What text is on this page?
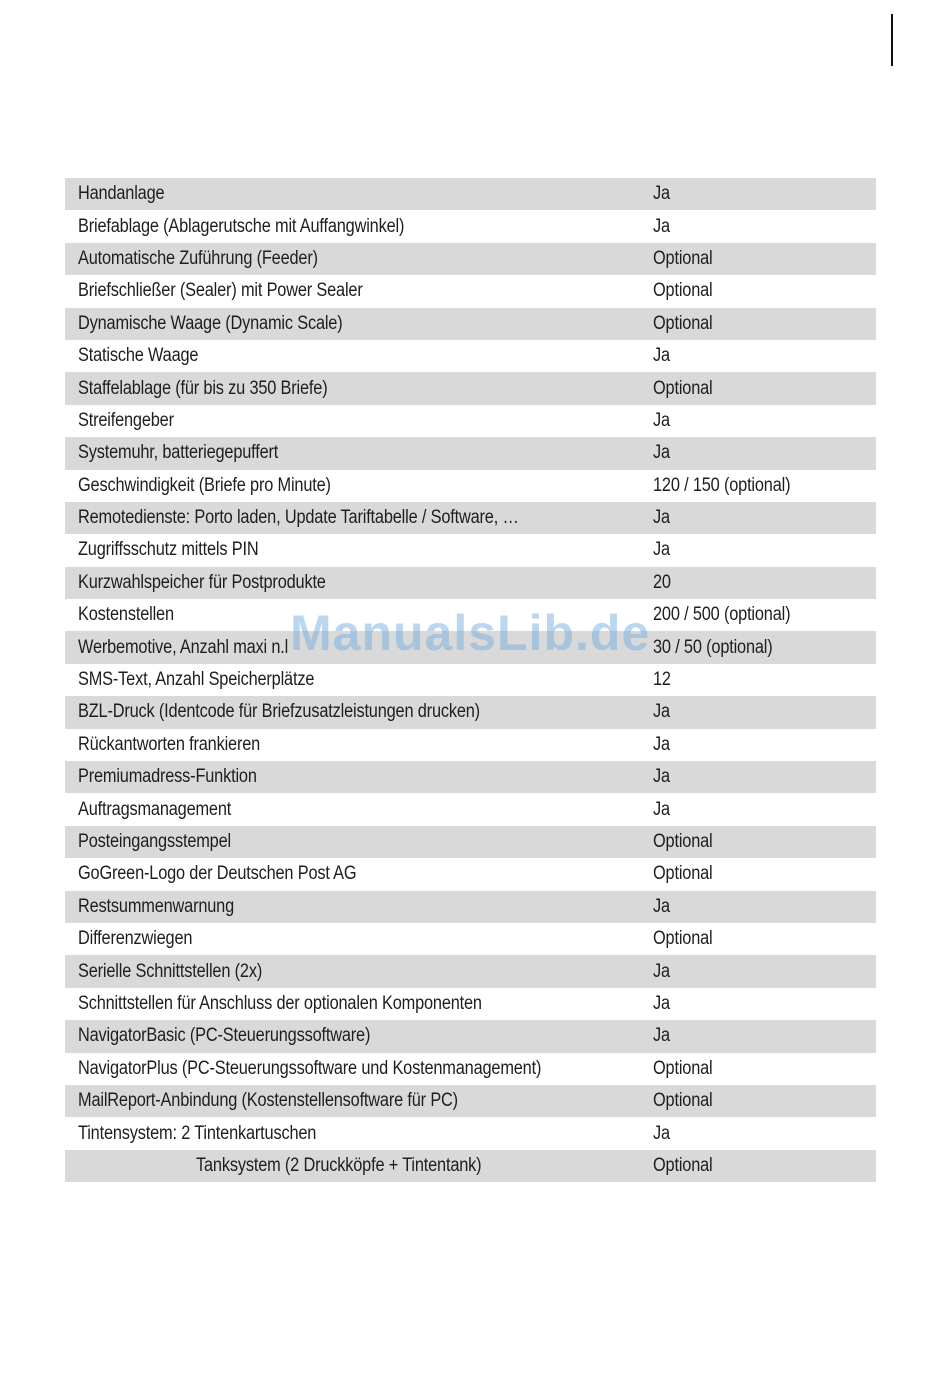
Handanlage	Ja
Briefablage (Ablagerutsche mit Auffangwinkel)	Ja
Automatische Zuführung (Feeder)	Optional
Briefschließer (Sealer) mit Power Sealer	Optional
Dynamische Waage (Dynamic Scale)	Optional
Statische Waage	Ja
Staffelablage (für bis zu 350 Briefe)	Optional
Streifengeber	Ja
Systemuhr, batteriegepuffert	Ja
Geschwindigkeit (Briefe pro Minute)	120 / 150 (optional)
Remotedienste: Porto laden, Update Tariftabelle / Software, …	Ja
Zugriffsschutz mittels PIN	Ja
Kurzwahlspeicher für Postprodukte	20
Kostenstellen	200 / 500 (optional)
Werbemotive, Anzahl maxi n.l	30 / 50 (optional)
SMS-Text, Anzahl Speicherplätze	12
BZL-Druck (Identcode für Briefzusatzleistungen drucken)	Ja
Rückantworten frankieren	Ja
Premiumadress-Funktion	Ja
Auftragsmanagement	Ja
Posteingangsstempel	Optional
GoGreen-Logo der Deutschen Post AG	Optional
Restsummenwarnung	Ja
Differenzwiegen	Optional
Serielle Schnittstellen (2x)	Ja
Schnittstellen für Anschluss der optionalen Komponenten	Ja
NavigatorBasic (PC-Steuerungssoftware)	Ja
NavigatorPlus (PC-Steuerungssoftware und Kostenmanagement)	Optional
MailReport-Anbindung (Kostenstellensoftware für PC)	Optional
Tintensystem: 2 Tintenkartuschen	Ja
Tanksystem (2 Druckköpfe + Tintentank)	Optional
ManualsLib.de
